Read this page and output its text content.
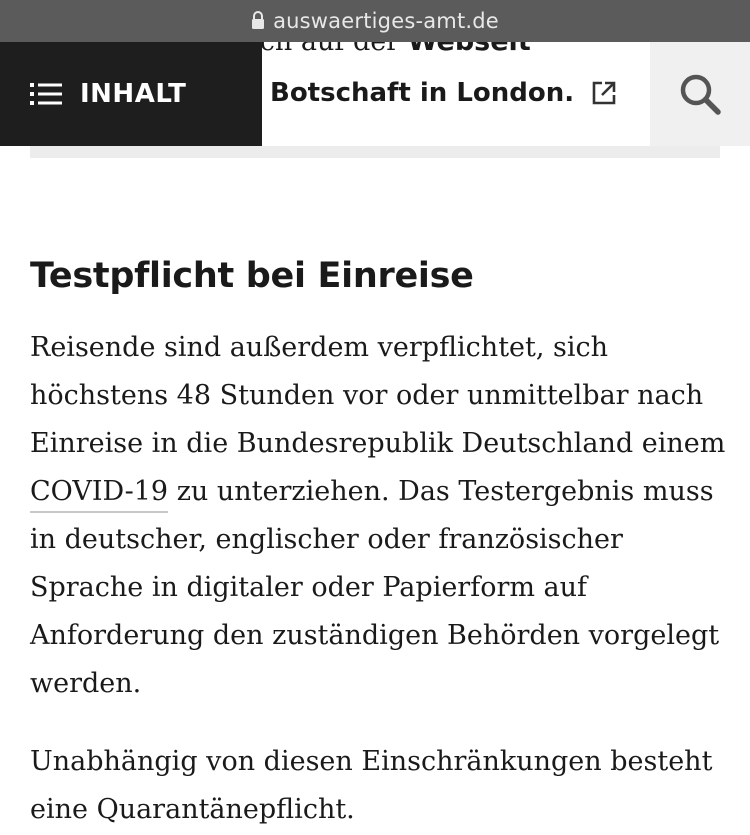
auswaertiges-amt.de
Botschaft in London.
INHALT
Testpflicht bei Einreise

Reisende sind außerdem verpflichtet, sich höchstens 48 Stunden vor oder unmittelbar nach Einreise in die Bundesrepublik Deutschland einem COVID-19 zu unterziehen. Das Testergebnis muss in deutscher, englischer oder französischer Sprache in digitaler oder Papierform auf Anforderung den zuständigen Behörden vorgelegt werden.

Unabhängig von diesen Einschränkungen besteht eine Quarantänepflicht.
